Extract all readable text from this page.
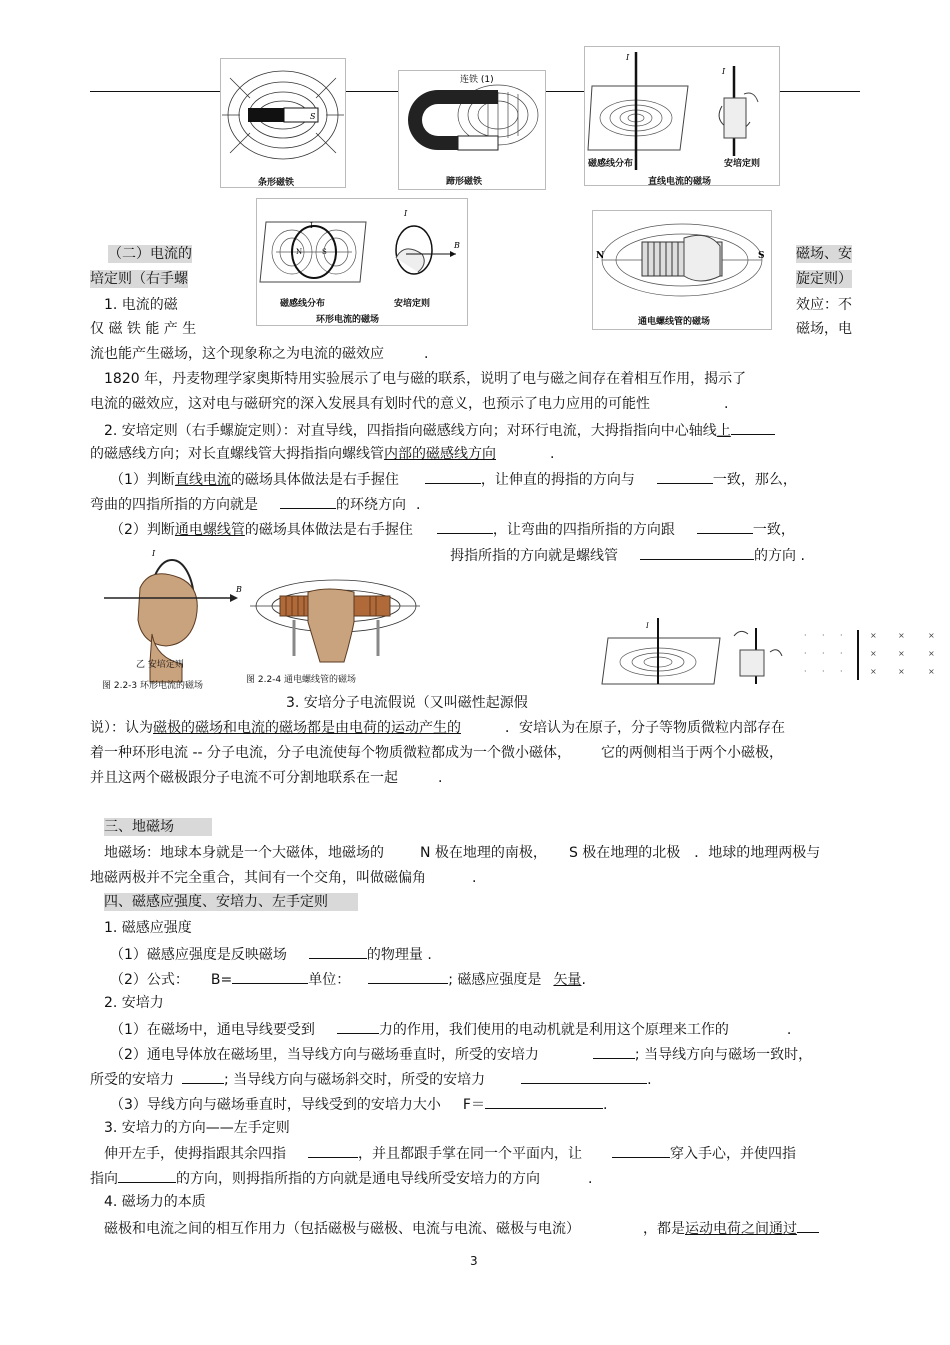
S
条形磁铁
连铁 (1)
蹄形磁铁
I
I
磁感线分布	安培定则
直线电流的磁场
I
N	S
B
I
磁感线分布	安培定则
环形电流的磁场
N	S
通电螺线管的磁场
（二）电流的
培定则（右手螺
磁场、安
旋定则）
1. 电流的磁	效应：不
仅 磁 铁 能 产 生	磁场，电
流也能产生磁场，这个现象称之为电流的磁效应	.
1820 年，丹麦物理学家奥斯特用实验展示了电与磁的联系，说明了电与磁之间存在着相互作用，揭示了
电流的磁效应，这对电与磁研究的深入发展具有划时代的意义，也预示了电力应用的可能性	.
2. 安培定则（右手螺旋定则）：对直导线，四指指向磁感线方向；对环行电流，大拇指指向中心轴线上
的磁感线方向；对长直螺线管大拇指指向螺线管内部的磁感线方向	.
（1）判断直线电流的磁场具体做法是右手握住	，让伸直的拇指的方向与	一致，那么，
弯曲的四指所指的方向就是	的环绕方向 .
（2）判断通电螺线管的磁场具体做法是右手握住	，让弯曲的四指所指的方向跟	一致，
拇指所指的方向就是螺线管	的方向 .
B
I
乙 安培定则
图 2.2-3 环形电流的磁场
图 2.2-4 通电螺线管的磁场
I
· · ·
· · ·
· · ·
×	×	×
×	×	×
×	×	×
3. 安培分子电流假说（又叫磁性起源假
说）：认为磁极的磁场和电流的磁场都是由电荷的运动产生的	．安培认为在原子，分子等物质微粒内部存在
着一种环形电流 -- 分子电流，分子电流使每个物质微粒都成为一个微小磁体， 它的两侧相当于两个小磁极，
并且这两个磁极跟分子电流不可分割地联系在一起	.
三、地磁场
地磁场：地球本身就是一个大磁体，地磁场的	N 极在地理的南极， S 极在地理的北极 ．地球的地理两极与
地磁两极并不完全重合，其间有一个交角，叫做磁偏角	.
四、磁感应强度、安培力、左手定则
1. 磁感应强度
（1）磁感应强度是反映磁场	的物理量 .
（2）公式： B=	单位：	; 磁感应强度是 矢量.
2. 安培力
（1）在磁场中，通电导线要受到	力的作用，我们使用的电动机就是利用这个原理来工作的	.
（2）通电导体放在磁场里，当导线方向与磁场垂直时，所受的安培力	; 当导线方向与磁场一致时，
所受的安培力	; 当导线方向与磁场斜交时，所受的安培力	.
（3）导线方向与磁场垂直时，导线受到的安培力大小 F＝	.
3. 安培力的方向——左手定则
伸开左手，使拇指跟其余四指	，并且都跟手掌在同一个平面内，让	穿入手心，并使四指
指向	的方向，则拇指所指的方向就是通电导线所受安培力的方向	.
4. 磁场力的本质
磁极和电流之间的相互作用力（包括磁极与磁极、电流与电流、磁极与电流）	，都是运动电荷之间通过
3
